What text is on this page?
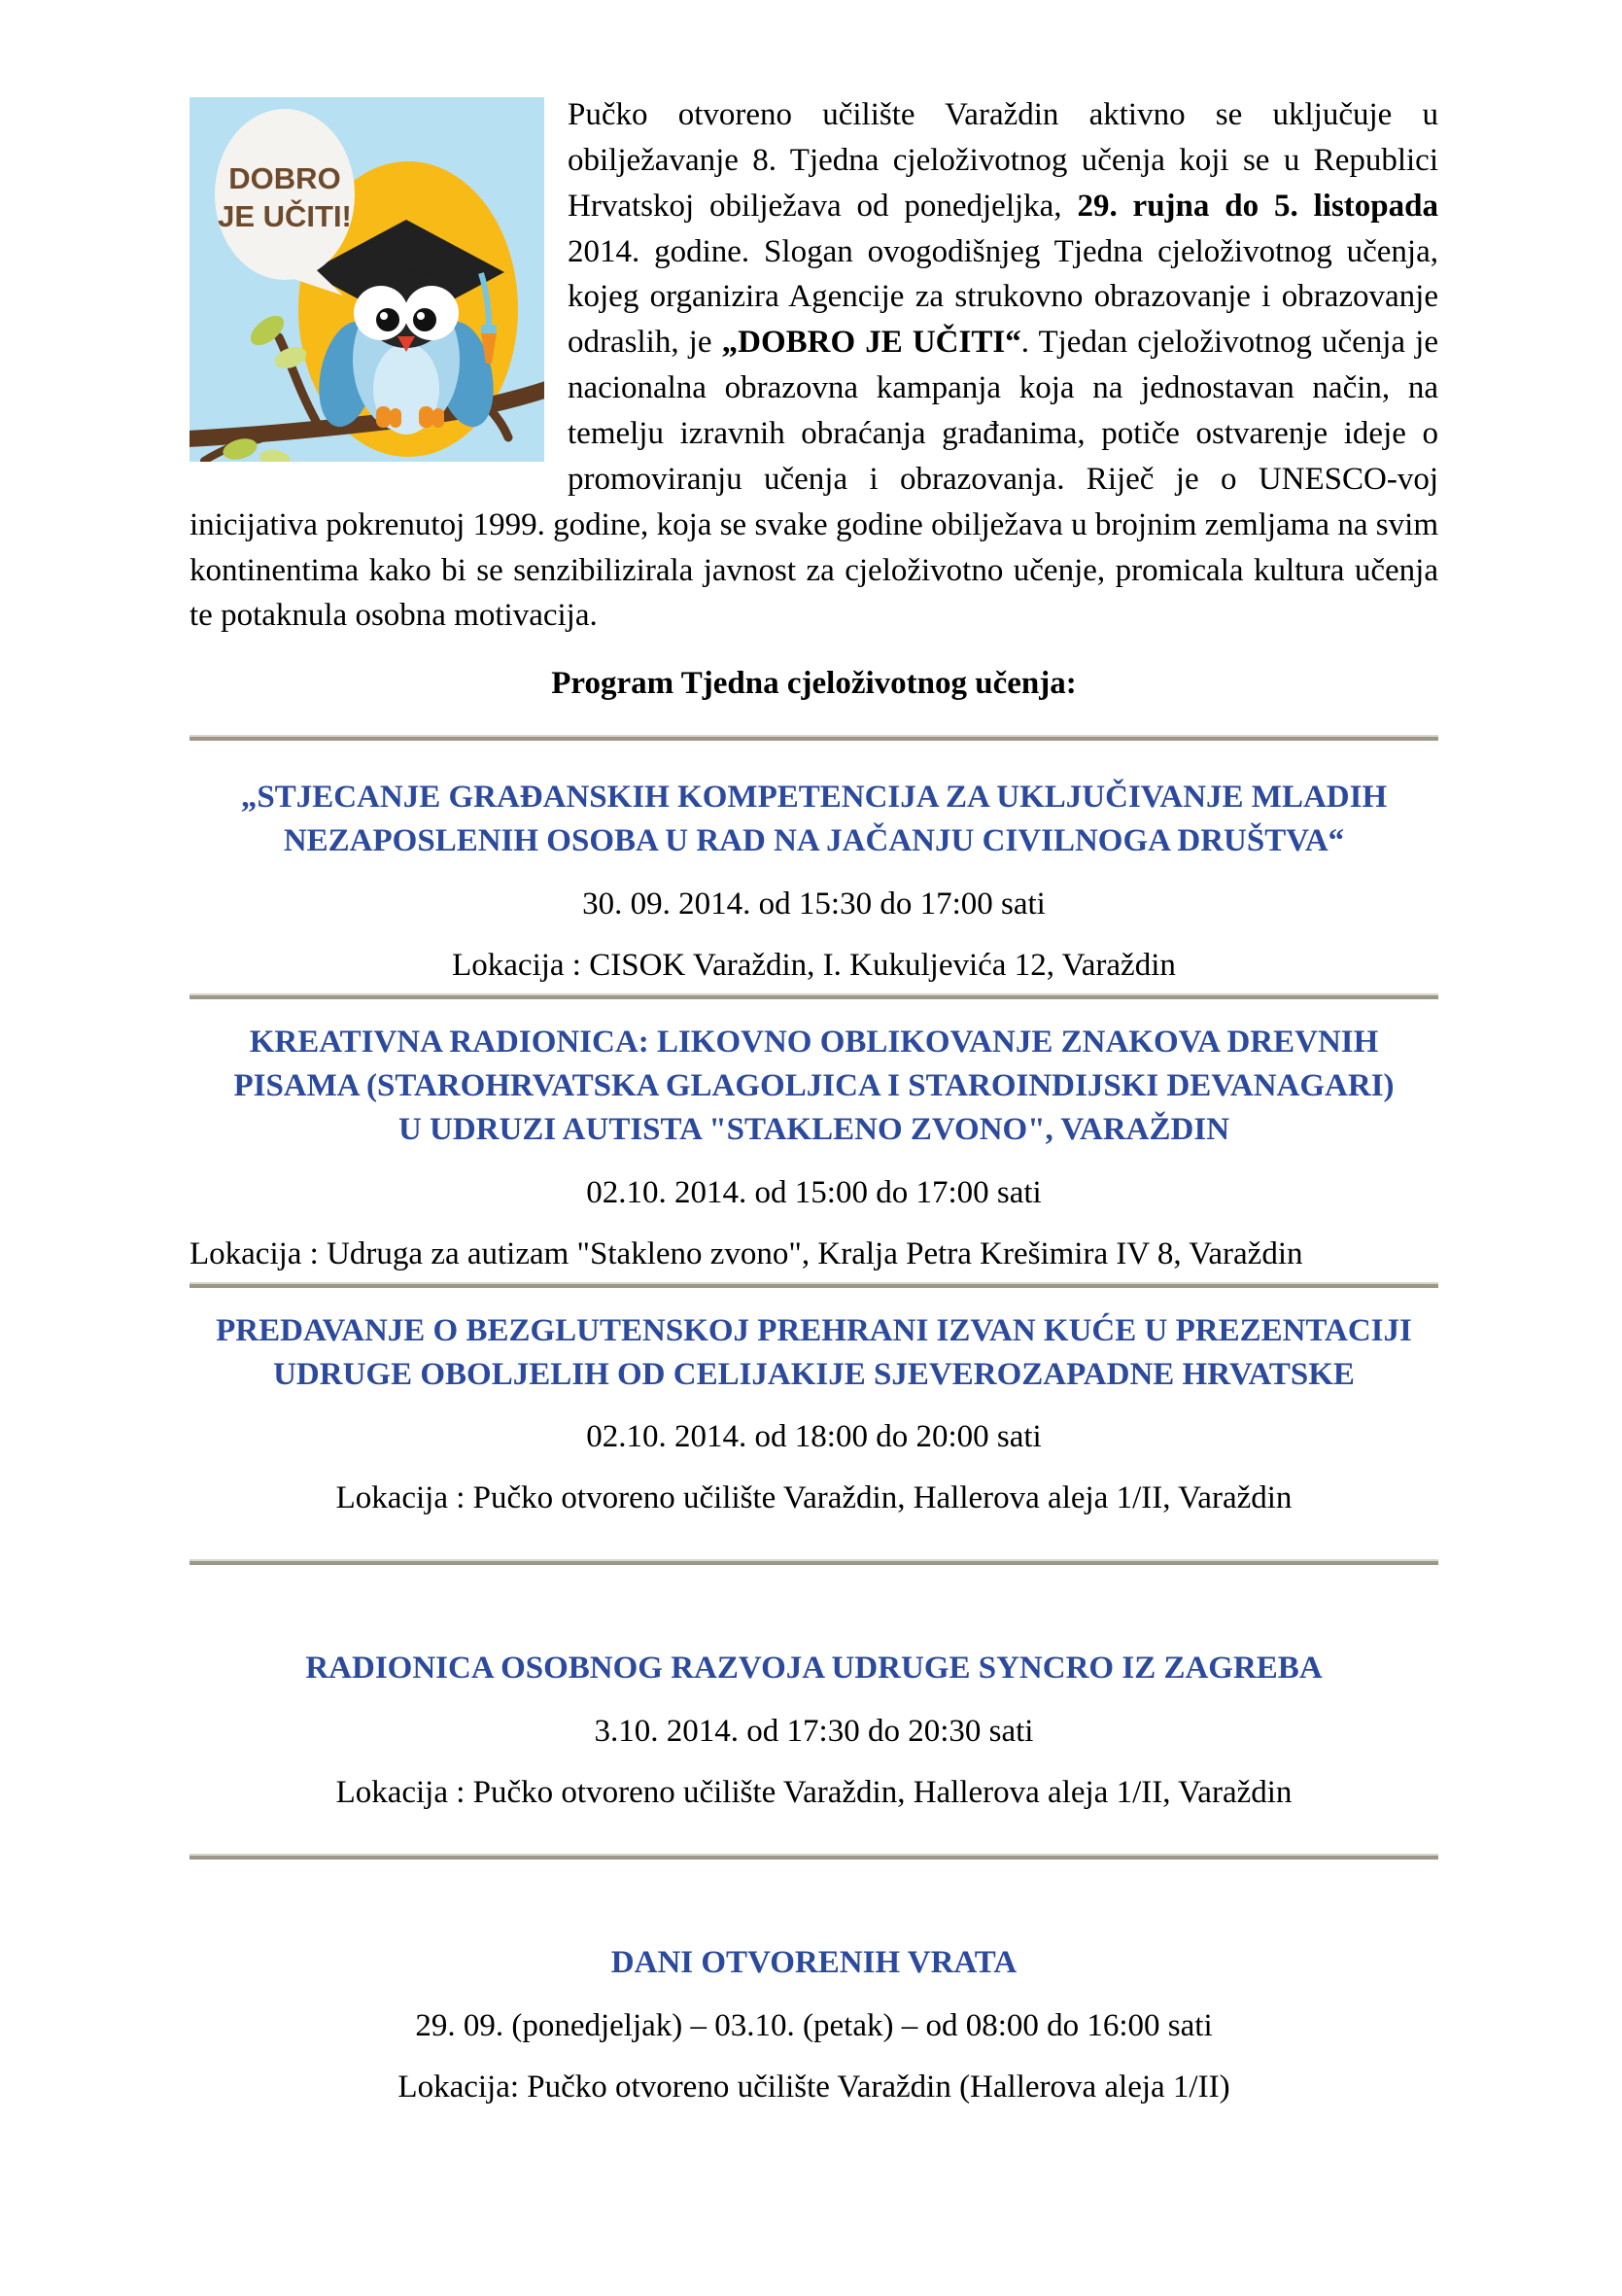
DOBRO
JE UČITI!

Pučko otvoreno učilište Varaždin aktivno se uključuje u obilježavanje 8. Tjedna cjeloživotnog učenja koji se u Republici Hrvatskoj obilježava od ponedjeljka, 29. rujna do 5. listopada 2014. godine. Slogan ovogodišnjeg Tjedna cjeloživotnog učenja, kojeg organizira Agencije za strukovno obrazovanje i obrazovanje odraslih, je „DOBRO JE UČITI“. Tjedan cjeloživotnog učenja je nacionalna obrazovna kampanja koja na jednostavan način, na temelju izravnih obraćanja građanima, potiče ostvarenje ideje o promoviranju učenja i obrazovanja. Riječ je o UNESCO-voj inicijativa pokrenutoj 1999. godine, koja se svake godine obilježava u brojnim zemljama na svim kontinentima kako bi se senzibilizirala javnost za cjeloživotno učenje, promicala kultura učenja te potaknula osobna motivacija.

Program Tjedna cjeloživotnog učenja:

„STJECANJE GRAĐANSKIH KOMPETENCIJA ZA UKLJUČIVANJE MLADIH
NEZAPOSLENIH OSOBA U RAD NA JAČANJU CIVILNOGA DRUŠTVA“

30. 09. 2014. od 15:30 do 17:00 sati

Lokacija : CISOK Varaždin, I. Kukuljevića 12, Varaždin

KREATIVNA RADIONICA: LIKOVNO OBLIKOVANJE ZNAKOVA DREVNIH
PISAMA (STAROHRVATSKA GLAGOLJICA I STAROINDIJSKI DEVANAGARI)
U UDRUZI AUTISTA "STAKLENO ZVONO", VARAŽDIN

02.10. 2014. od 15:00 do 17:00 sati

Lokacija : Udruga za autizam "Stakleno zvono", Kralja Petra Krešimira IV 8, Varaždin

PREDAVANJE O BEZGLUTENSKOJ PREHRANI IZVAN KUĆE U PREZENTACIJI
UDRUGE OBOLJELIH OD CELIJAKIJE SJEVEROZAPADNE HRVATSKE

02.10. 2014. od 18:00 do 20:00 sati

Lokacija : Pučko otvoreno učilište Varaždin, Hallerova aleja 1/II, Varaždin

RADIONICA OSOBNOG RAZVOJA UDRUGE SYNCRO IZ ZAGREBA

3.10. 2014. od 17:30 do 20:30 sati

Lokacija : Pučko otvoreno učilište Varaždin, Hallerova aleja 1/II, Varaždin

DANI OTVORENIH VRATA

29. 09. (ponedjeljak) – 03.10. (petak) – od 08:00 do 16:00 sati

Lokacija: Pučko otvoreno učilište Varaždin (Hallerova aleja 1/II)
